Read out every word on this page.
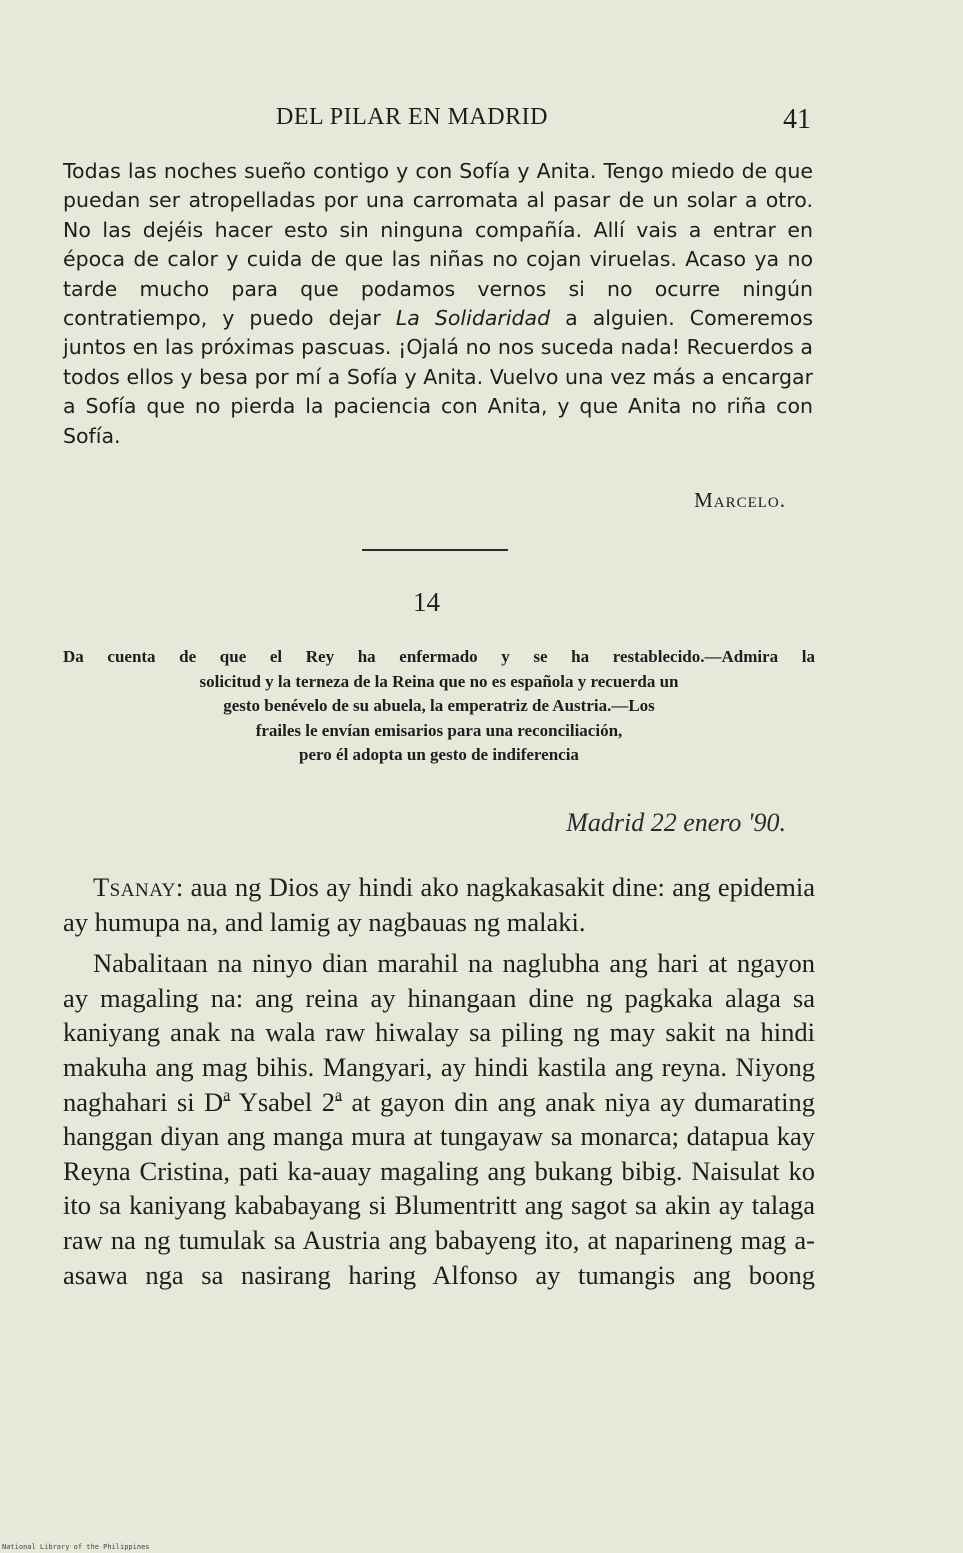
DEL PILAR EN MADRID	41
Todas las noches sueño contigo y con Sofía y Anita. Tengo miedo de que puedan ser atropelladas por una carromata al pasar de un solar a otro. No las dejéis hacer esto sin ninguna compañía. Allí vais a entrar en época de calor y cuida de que las niñas no cojan viruelas. Acaso ya no tarde mucho para que podamos vernos si no ocurre ningún contratiempo, y puedo dejar La Solidaridad a alguien. Comeremos juntos en las próximas pascuas. ¡Ojalá no nos suceda nada! Recuerdos a todos ellos y besa por mí a Sofía y Anita. Vuelvo una vez más a encargar a Sofía que no pierda la paciencia con Anita, y que Anita no riña con Sofía.
Marcelo.
14
Da cuenta de que el Rey ha enfermado y se ha restablecido.—Admira la
solicitud y la terneza de la Reina que no es española y recuerda un
gesto benévelo de su abuela, la emperatriz de Austria.—Los
frailes le envían emisarios para una reconciliación,
pero él adopta un gesto de indiferencia
Madrid 22 enero '90.

Tsanay: aua ng Dios ay hindi ako nagkakasakit dine: ang epidemia ay humupa na, and lamig ay nagbauas ng malaki.

Nabalitaan na ninyo dian marahil na naglubha ang hari at ngayon ay magaling na: ang reina ay hinangaan dine ng pagkaka alaga sa kaniyang anak na wala raw hiwalay sa piling ng may sakit na hindi makuha ang mag bihis. Mangyari, ay hindi kastila ang reyna. Niyong naghahari si $D^a$ Ysabel 2$^a$ at gayon din ang anak niya ay dumarating hanggan diyan ang manga mura at tungayaw sa monarca; datapua kay Reyna Cristina, pati ka-auay magaling ang bukang bibig. Naisulat ko ito sa kaniyang kababayang si Blumentritt ang sagot sa akin ay talaga raw na ng tumulak sa Austria ang babayeng ito, at naparineng mag a-asawa nga sa nasirang haring Alfonso ay tumangis ang boong

National Library of the Philippines
